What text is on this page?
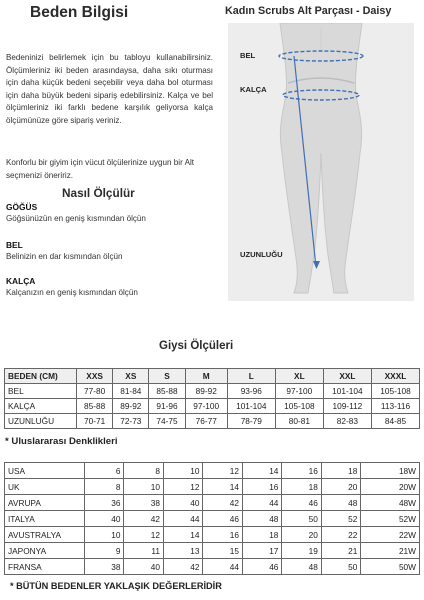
Beden Bilgisi	Kadın Scrubs Alt Parçası - Daisy
Bedeninizi belirlemek için bu tabloyu kullanabilirsiniz. Ölçümleriniz iki beden arasındaysa, daha sıkı oturması için daha küçük bedeni seçebilir veya daha bol oturması için daha büyük bedeni sipariş edebilirsiniz. Kalça ve bel ölçümleriniz iki farklı bedene karşılık geliyorsa kalça ölçümünüze göre sipariş veriniz.
Konforlu bir giyim için vücut ölçülerinize uygun bir Alt seçmenizi öneririz.
Nasıl Ölçülür
GÖĞÜS
Göğsünüzün en geniş kısmından ölçün
BEL
Belinizin en dar kısmından ölçün
KALÇA
Kalçanızın en geniş kısmından ölçün
BEL
KALÇA
UZUNLUĞU
Giysi Ölçüleri
BEDEN (CM)	XXS	XS	S	M	L	XL	XXL	XXXL
BEL	77-80	81-84	85-88	89-92	93-96	97-100	101-104	105-108
KALÇA	85-88	89-92	91-96	97-100	101-104	105-108	109-112	113-116
UZUNLUĞU	70-71	72-73	74-75	76-77	78-79	80-81	82-83	84-85
* Uluslararası Denklikleri
USA	6	8	10	12	14	16	18	18W
UK	8	10	12	14	16	18	20	20W
AVRUPA	36	38	40	42	44	46	48	48W
ITALYA	40	42	44	46	48	50	52	52W
AVUSTRALYA	10	12	14	16	18	20	22	22W
JAPONYA	9	11	13	15	17	19	21	21W
FRANSA	38	40	42	44	46	48	50	50W
* BÜTÜN BEDENLER YAKLAŞIK DEĞERLERİDİR
